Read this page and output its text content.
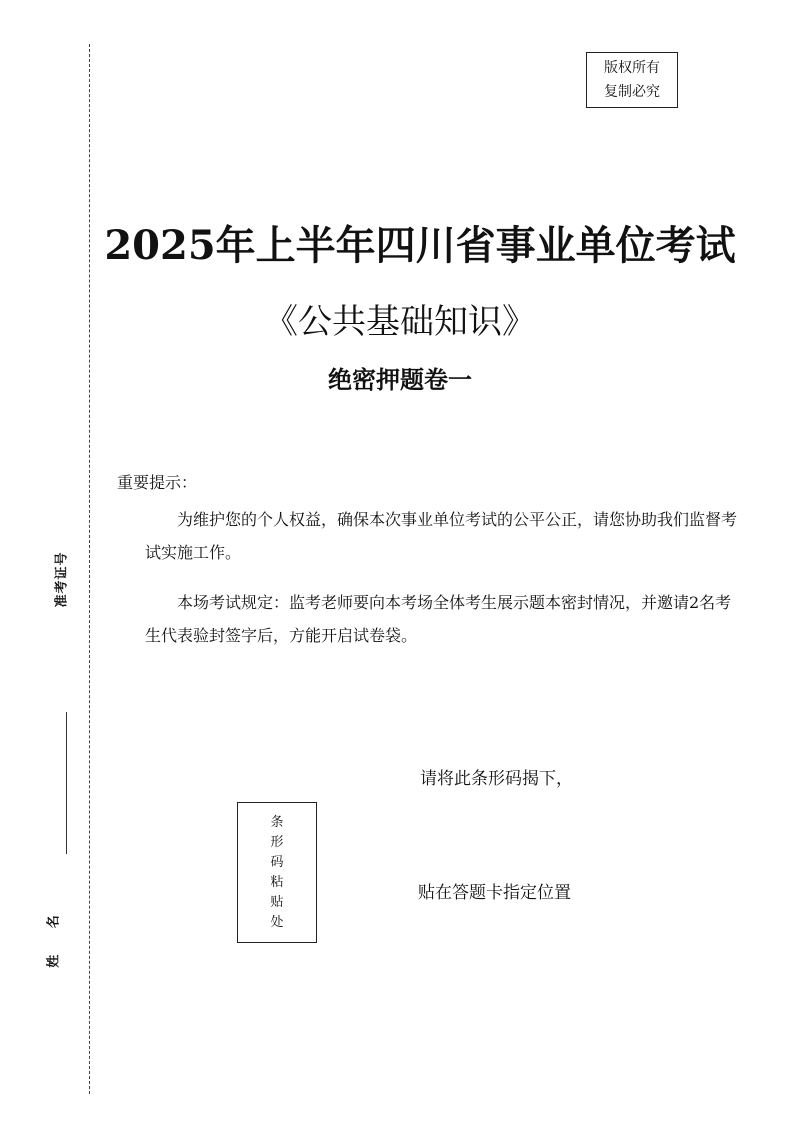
准考证号
姓 名
版权所有
复制必究
2025年上半年四川省事业单位考试
《公共基础知识》
绝密押题卷一
重要提示：
为维护您的个人权益，确保本次事业单位考试的公平公正，请您协助我们监督考试实施工作。
本场考试规定：监考老师要向本考场全体考生展示题本密封情况，并邀请2名考生代表验封签字后，方能开启试卷袋。
条
形
码
粘
贴
处
请将此条形码揭下，
贴在答题卡指定位置
